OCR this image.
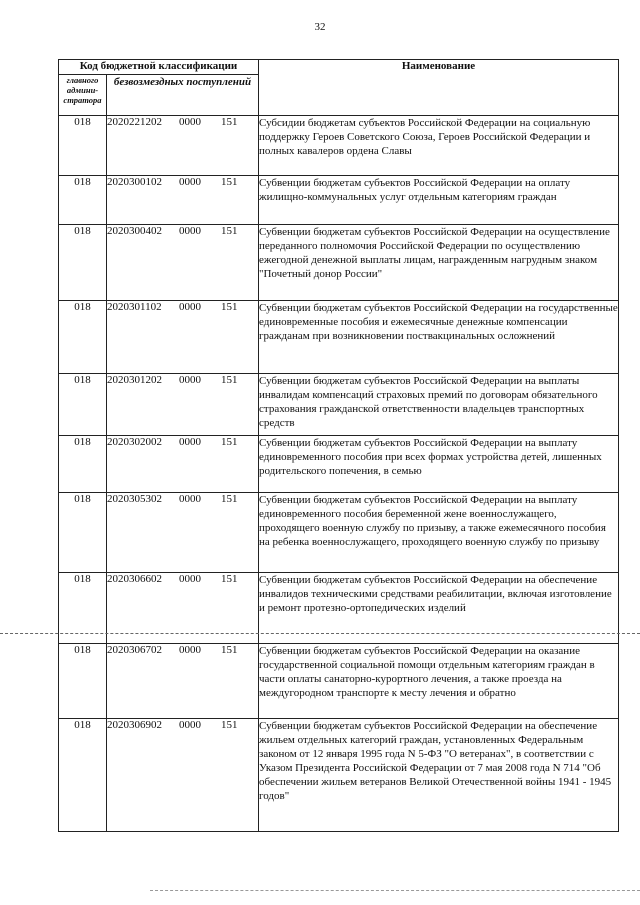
32
Код бюджетной классификации		Наименование
главного админи-стратора	безвозмездных поступлений	
018	2020221202 0000 151	Субсидии бюджетам субъектов Российской Федерации на социальную поддержку Героев Советского Союза, Героев Российской Федерации и полных кавалеров ордена Славы
018	2020300102 0000 151	Субвенции бюджетам субъектов Российской Федерации на оплату жилищно-коммунальных услуг отдельным категориям граждан
018	2020300402 0000 151	Субвенции бюджетам субъектов Российской Федерации на осуществление переданного полномочия Российской Федерации по осуществлению ежегодной денежной выплаты лицам, награжденным нагрудным знаком "Почетный донор России"
018	2020301102 0000 151	Субвенции бюджетам субъектов Российской Федерации на государственные единовременные пособия и ежемесячные денежные компенсации гражданам при возникновении поствакцинальных осложнений
018	2020301202 0000 151	Субвенции бюджетам субъектов Российской Федерации на выплаты инвалидам компенсаций страховых премий по договорам обязательного страхования гражданской ответственности владельцев транспортных средств
018	2020302002 0000 151	Субвенции бюджетам субъектов Российской Федерации на выплату единовременного пособия при всех формах устройства детей, лишенных родительского попечения, в семью
018	2020305302 0000 151	Субвенции бюджетам субъектов Российской Федерации на выплату единовременного пособия беременной жене военнослужащего, проходящего военную службу по призыву, а также ежемесячного пособия на ребенка военнослужащего, проходящего военную службу по призыву
018	2020306602 0000 151	Субвенции бюджетам субъектов Российской Федерации на обеспечение инвалидов техническими средствами реабилитации, включая изготовление и ремонт протезно-ортопедических изделий
018	2020306702 0000 151	Субвенции бюджетам субъектов Российской Федерации на оказание государственной социальной помощи отдельным категориям граждан в части оплаты санаторно-курортного лечения, а также проезда на междугородном транспорте к месту лечения и обратно
018	2020306902 0000 151	Субвенции бюджетам субъектов Российской Федерации на обеспечение жильем отдельных категорий граждан, установленных Федеральным законом от 12 января 1995 года N 5-ФЗ "О ветеранах", в соответствии с Указом Президента Российской Федерации от 7 мая 2008 года N 714 "Об обеспечении жильем ветеранов Великой Отечественной войны 1941 - 1945 годов"
